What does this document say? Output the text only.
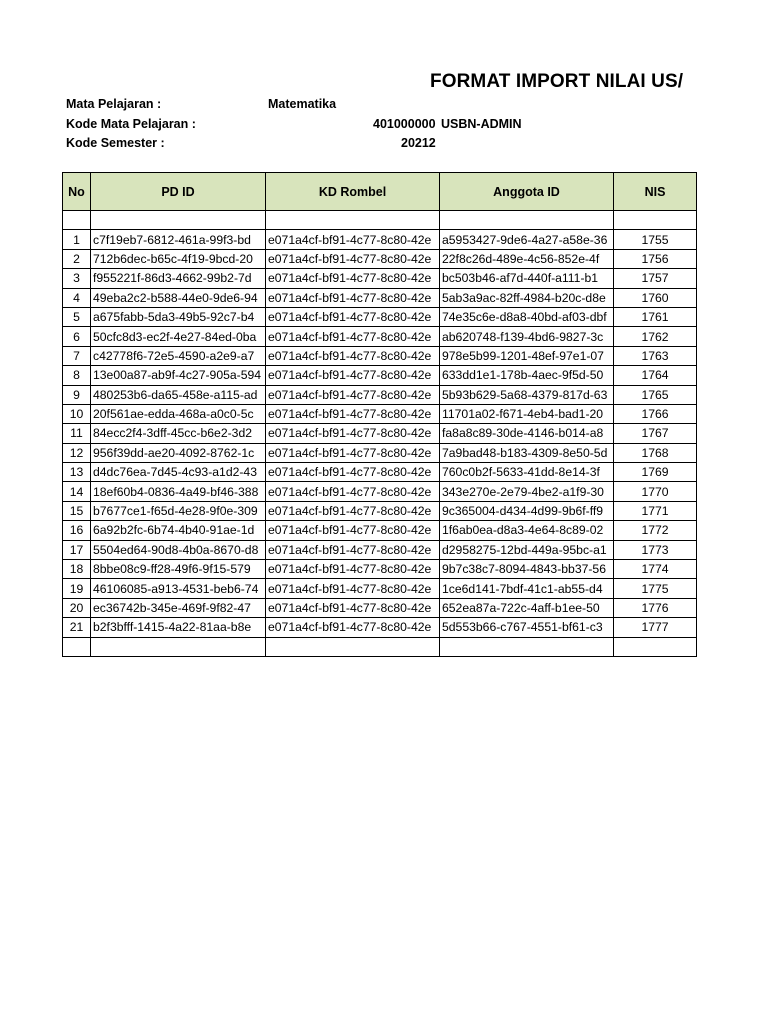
FORMAT IMPORT NILAI US/
Mata Pelajaran :	Matematika
Kode Mata Pelajaran :	401000000 USBN-ADMIN
Kode Semester :	20212
No	PD ID	KD Rombel	Anggota ID	NIS

1	c7f19eb7-6812-461a-99f3-bd	e071a4cf-bf91-4c77-8c80-42e	a5953427-9de6-4a27-a58e-36	1755
2	712b6dec-b65c-4f19-9bcd-20	e071a4cf-bf91-4c77-8c80-42e	22f8c26d-489e-4c56-852e-4f	1756
3	f955221f-86d3-4662-99b2-7d	e071a4cf-bf91-4c77-8c80-42e	bc503b46-af7d-440f-a111-b1	1757
4	49eba2c2-b588-44e0-9de6-94	e071a4cf-bf91-4c77-8c80-42e	5ab3a9ac-82ff-4984-b20c-d8e	1760
5	a675fabb-5da3-49b5-92c7-b4	e071a4cf-bf91-4c77-8c80-42e	74e35c6e-d8a8-40bd-af03-dbf	1761
6	50cfc8d3-ec2f-4e27-84ed-0ba	e071a4cf-bf91-4c77-8c80-42e	ab620748-f139-4bd6-9827-3c	1762
7	c42778f6-72e5-4590-a2e9-a7	e071a4cf-bf91-4c77-8c80-42e	978e5b99-1201-48ef-97e1-07	1763
8	13e00a87-ab9f-4c27-905a-594	e071a4cf-bf91-4c77-8c80-42e	633dd1e1-178b-4aec-9f5d-50	1764
9	480253b6-da65-458e-a115-ad	e071a4cf-bf91-4c77-8c80-42e	5b93b629-5a68-4379-817d-63	1765
10	20f561ae-edda-468a-a0c0-5c	e071a4cf-bf91-4c77-8c80-42e	11701a02-f671-4eb4-bad1-20	1766
11	84ecc2f4-3dff-45cc-b6e2-3d2	e071a4cf-bf91-4c77-8c80-42e	fa8a8c89-30de-4146-b014-a8	1767
12	956f39dd-ae20-4092-8762-1c	e071a4cf-bf91-4c77-8c80-42e	7a9bad48-b183-4309-8e50-5d	1768
13	d4dc76ea-7d45-4c93-a1d2-43	e071a4cf-bf91-4c77-8c80-42e	760c0b2f-5633-41dd-8e14-3f	1769
14	18ef60b4-0836-4a49-bf46-388	e071a4cf-bf91-4c77-8c80-42e	343e270e-2e79-4be2-a1f9-30	1770
15	b7677ce1-f65d-4e28-9f0e-309	e071a4cf-bf91-4c77-8c80-42e	9c365004-d434-4d99-9b6f-ff9	1771
16	6a92b2fc-6b74-4b40-91ae-1d	e071a4cf-bf91-4c77-8c80-42e	1f6ab0ea-d8a3-4e64-8c89-02	1772
17	5504ed64-90d8-4b0a-8670-d8	e071a4cf-bf91-4c77-8c80-42e	d2958275-12bd-449a-95bc-a1	1773
18	8bbe08c9-ff28-49f6-9f15-579	e071a4cf-bf91-4c77-8c80-42e	9b7c38c7-8094-4843-bb37-56	1774
19	46106085-a913-4531-beb6-74	e071a4cf-bf91-4c77-8c80-42e	1ce6d141-7bdf-41c1-ab55-d4	1775
20	ec36742b-345e-469f-9f82-47	e071a4cf-bf91-4c77-8c80-42e	652ea87a-722c-4aff-b1ee-50	1776
21	b2f3bfff-1415-4a22-81aa-b8e	e071a4cf-bf91-4c77-8c80-42e	5d553b66-c767-4551-bf61-c3	1777
